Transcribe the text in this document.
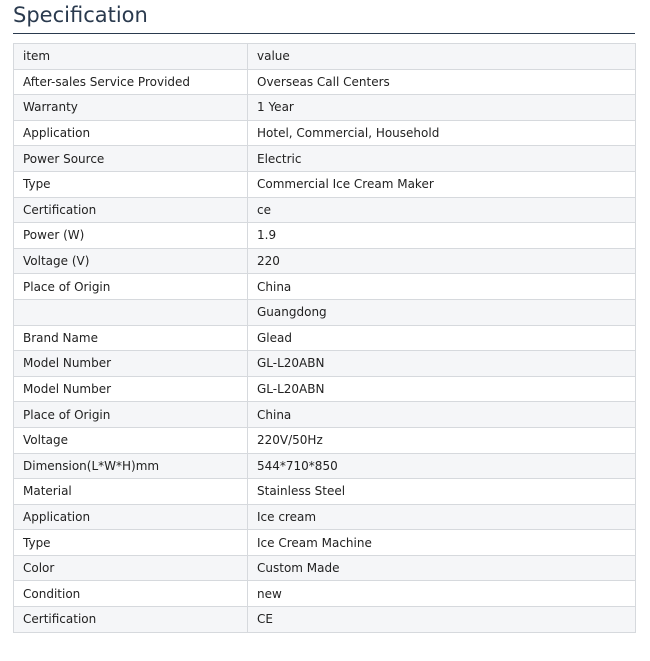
Specification
item	value
After-sales Service Provided	Overseas Call Centers
Warranty	1 Year
Application	Hotel, Commercial, Household
Power Source	Electric
Type	Commercial Ice Cream Maker
Certification	ce
Power (W)	1.9
Voltage (V)	220
Place of Origin	China
	Guangdong
Brand Name	Glead
Model Number	GL-L20ABN
Model Number	GL-L20ABN
Place of Origin	China
Voltage	220V/50Hz
Dimension(L*W*H)mm	544*710*850
Material	Stainless Steel
Application	Ice cream
Type	Ice Cream Machine
Color	Custom Made
Condition	new
Certification	CE
